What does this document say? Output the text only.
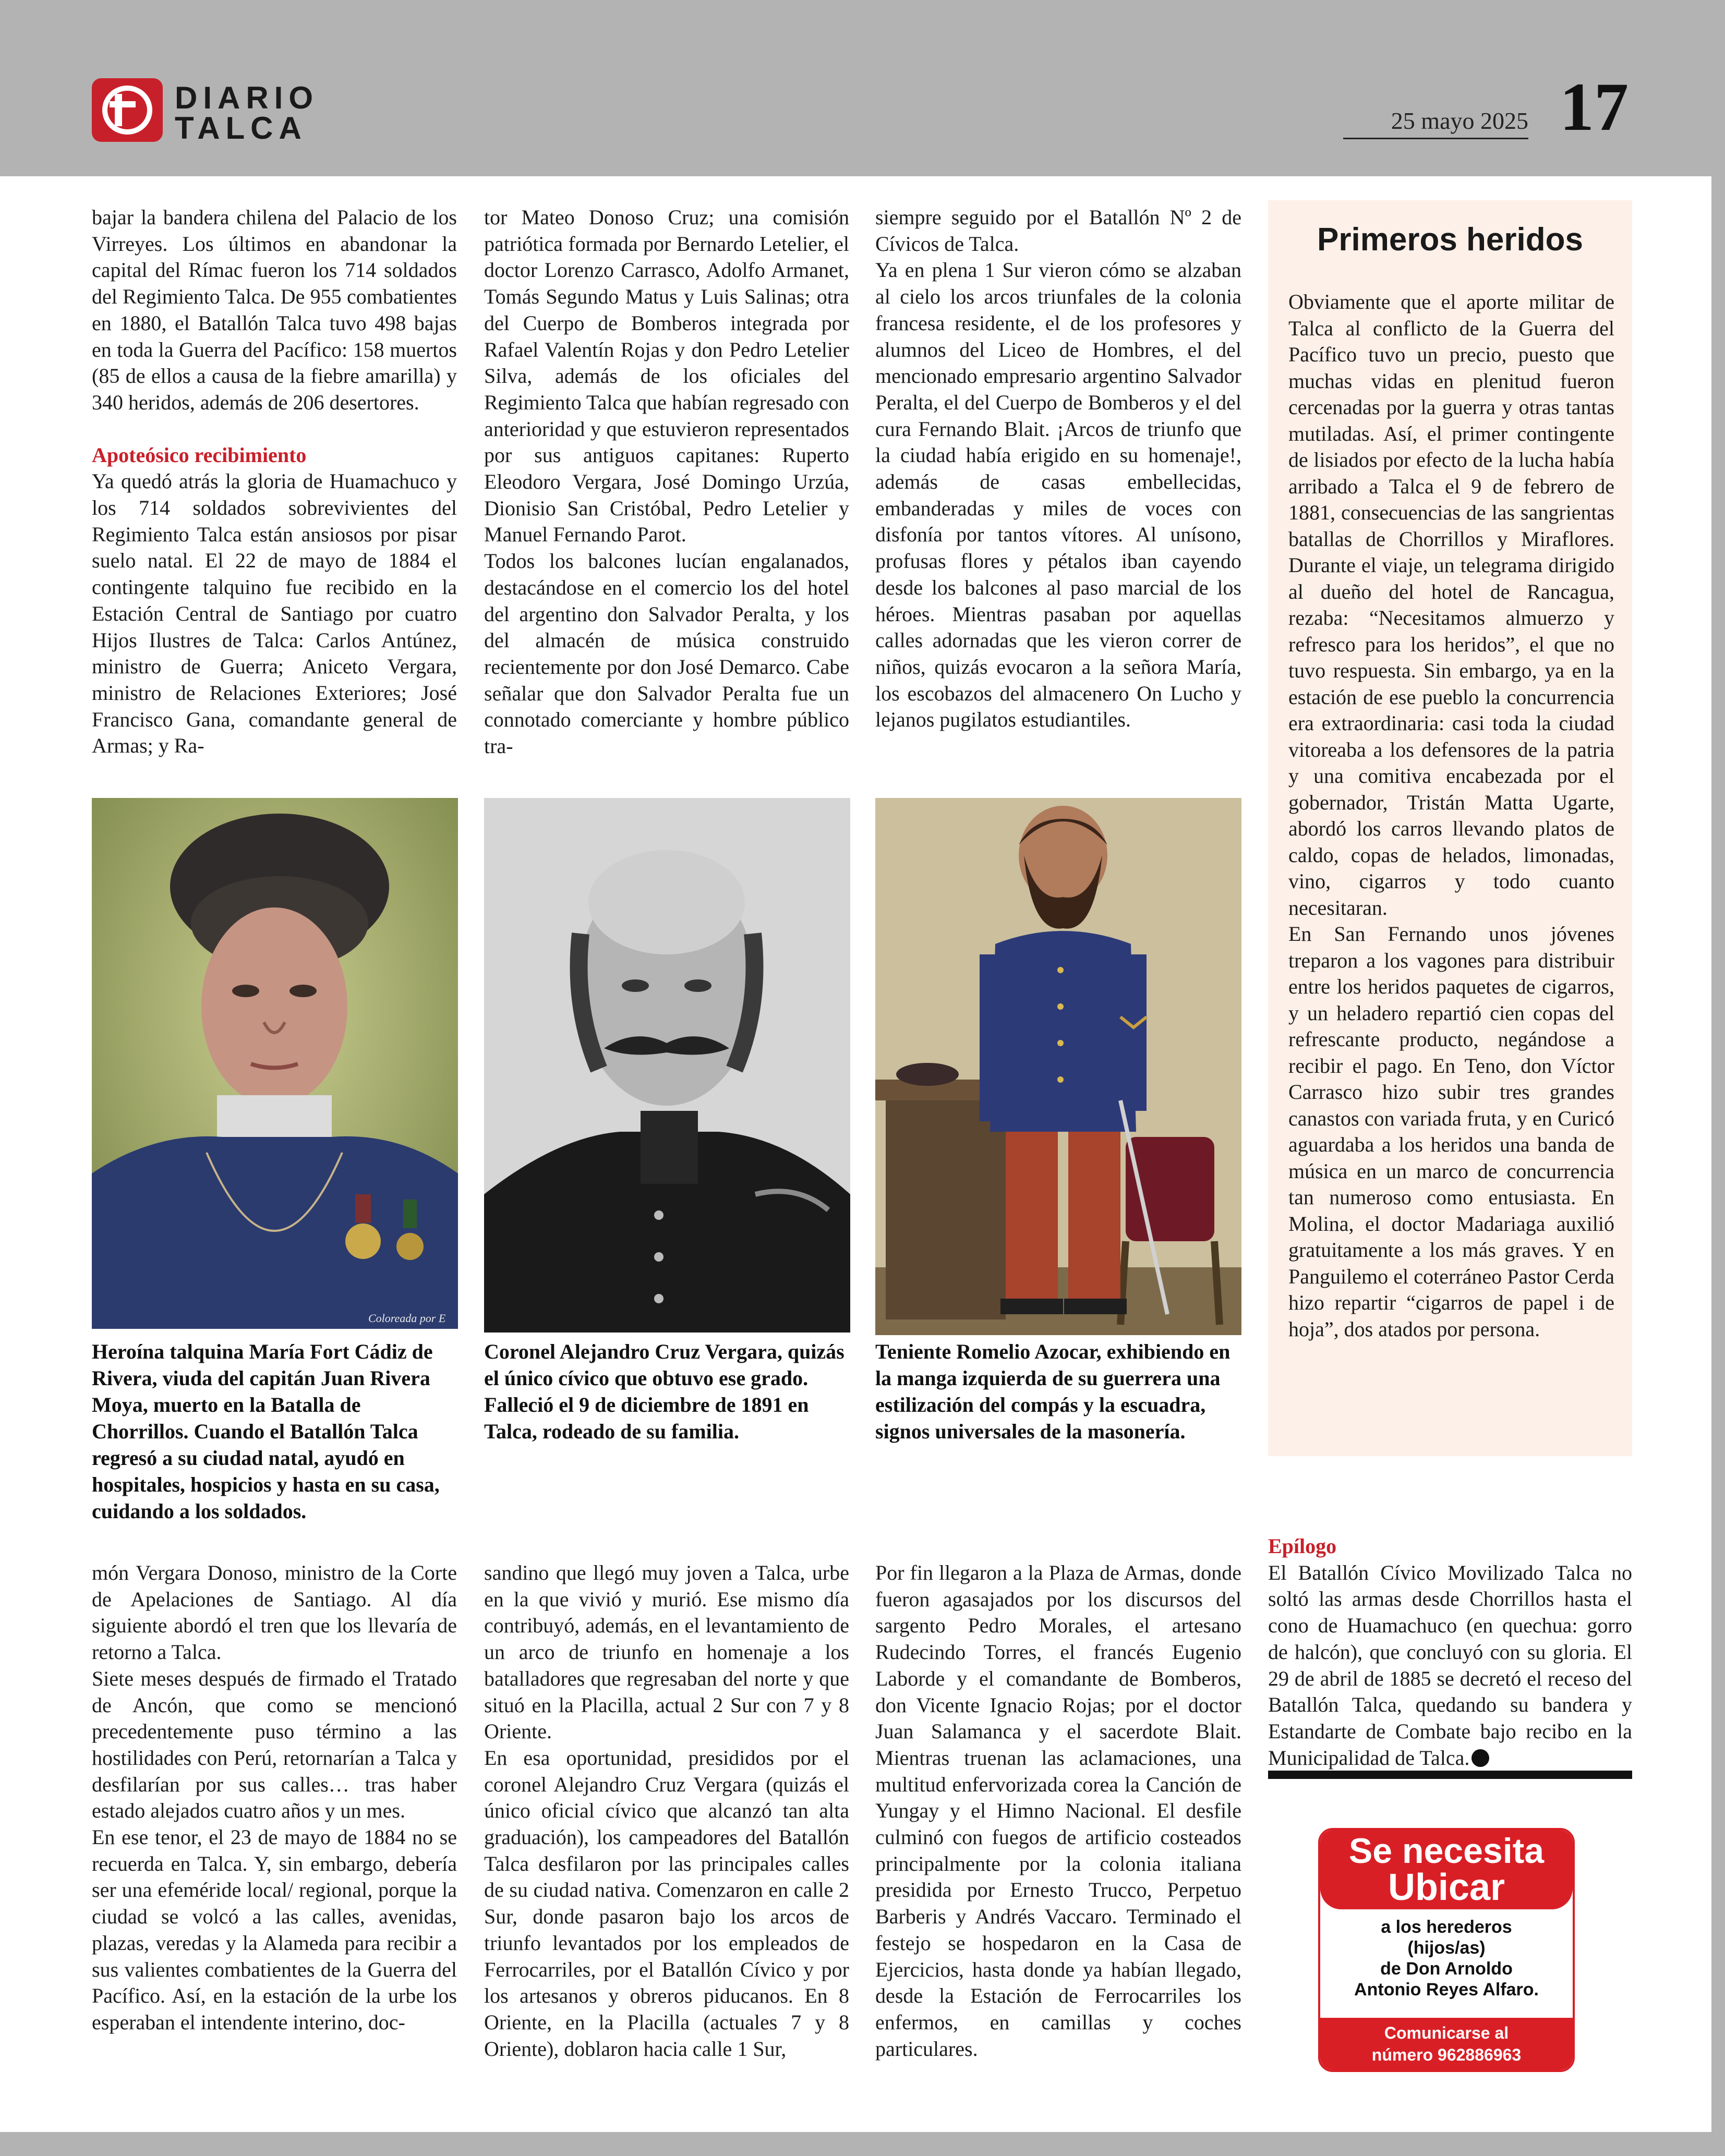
DIARIO
TALCA	25 mayo 2025 17

bajar la bandera chilena del Palacio de los Virreyes. Los últimos en abandonar la capital del Rímac fueron los 714 soldados del Regimiento Talca. De 955 combatientes en 1880, el Batallón Talca tuvo 498 bajas en toda la Guerra del Pacífico: 158 muertos (85 de ellos a causa de la fiebre amarilla) y 340 heridos, además de 206 desertores.

Apoteósico recibimiento

Ya quedó atrás la gloria de Huamachuco y los 714 soldados sobrevivientes del Regimiento Talca están ansiosos por pisar suelo natal. El 22 de mayo de 1884 el contingente talquino fue recibido en la Estación Central de Santiago por cuatro Hijos Ilustres de Talca: Carlos Antúnez, ministro de Guerra; Aniceto Vergara, ministro de Relaciones Exteriores; José Francisco Gana, comandante general de Armas; y Ra-

tor Mateo Donoso Cruz; una comisión patriótica formada por Bernardo Letelier, el doctor Lorenzo Carrasco, Adolfo Armanet, Tomás Segundo Matus y Luis Salinas; otra del Cuerpo de Bomberos integrada por Rafael Valentín Rojas y don Pedro Letelier Silva, además de los oficiales del Regimiento Talca que habían regresado con anterioridad y que estuvieron representados por sus antiguos capitanes: Ruperto Eleodoro Vergara, José Domingo Urzúa, Dionisio San Cristóbal, Pedro Letelier y Manuel Fernando Parot.

Todos los balcones lucían engalanados, destacándose en el comercio los del hotel del argentino don Salvador Peralta, y los del almacén de música construido recientemente por don José Demarco. Cabe señalar que don Salvador Peralta fue un connotado comerciante y hombre público tra-

siempre seguido por el Batallón Nº 2 de Cívicos de Talca.

Ya en plena 1 Sur vieron cómo se alzaban al cielo los arcos triunfales de la colonia francesa residente, el de los profesores y alumnos del Liceo de Hombres, el del mencionado empresario argentino Salvador Peralta, el del Cuerpo de Bomberos y el del cura Fernando Blait. ¡Arcos de triunfo que la ciudad había erigido en su homenaje!, además de casas embellecidas, embanderadas y miles de voces con disfonía por tantos vítores. Al unísono, profusas flores y pétalos iban cayendo desde los balcones al paso marcial de los héroes. Mientras pasaban por aquellas calles adornadas que les vieron correr de niños, quizás evocaron a la señora María, los escobazos del almacenero On Lucho y lejanos pugilatos estudiantiles.

Coloreada por E
Heroína talquina María Fort Cádiz de Rivera, viuda del capitán Juan Rivera Moya, muerto en la Batalla de Chorrillos. Cuando el Batallón Talca regresó a su ciudad natal, ayudó en hospitales, hospicios y hasta en su casa, cuidando a los soldados.
Coronel Alejandro Cruz Vergara, quizás el único cívico que obtuvo ese grado. Falleció el 9 de diciembre de 1891 en Talca, rodeado de su familia.
Teniente Romelio Azocar, exhibiendo en la manga izquierda de su guerrera una estilización del compás y la escuadra, signos universales de la masonería.
Primeros heridos

Obviamente que el aporte militar de Talca al conflicto de la Guerra del Pacífico tuvo un precio, puesto que muchas vidas en plenitud fueron cercenadas por la guerra y otras tantas mutiladas. Así, el primer contingente de lisiados por efecto de la lucha había arribado a Talca el 9 de febrero de 1881, consecuencias de las sangrientas batallas de Chorrillos y Miraflores. Durante el viaje, un telegrama dirigido al dueño del hotel de Rancagua, rezaba: “Necesitamos almuerzo y refresco para los heridos”, el que no tuvo respuesta. Sin embargo, ya en la estación de ese pueblo la concurrencia era extraordinaria: casi toda la ciudad vitoreaba a los defensores de la patria y una comitiva encabezada por el gobernador, Tristán Matta Ugarte, abordó los carros llevando platos de caldo, copas de helados, limonadas, vino, cigarros y todo cuanto necesitaran.

En San Fernando unos jóvenes treparon a los vagones para distribuir entre los heridos paquetes de cigarros, y un heladero repartió cien copas del refrescante producto, negándose a recibir el pago. En Teno, don Víctor Carrasco hizo subir tres grandes canastos con variada fruta, y en Curicó aguardaba a los heridos una banda de música en un marco de concurrencia tan numeroso como entusiasta. En Molina, el doctor Madariaga auxilió gratuitamente a los más graves. Y en Panguilemo el coterráneo Pastor Cerda hizo repartir “cigarros de papel i de hoja”, dos atados por persona.

món Vergara Donoso, ministro de la Corte de Apelaciones de Santiago. Al día siguiente abordó el tren que los llevaría de retorno a Talca.

Siete meses después de firmado el Tratado de Ancón, que como se mencionó precedentemente puso término a las hostilidades con Perú, retornarían a Talca y desfilarían por sus calles… tras haber estado alejados cuatro años y un mes.

En ese tenor, el 23 de mayo de 1884 no se recuerda en Talca. Y, sin embargo, debería ser una efeméride local/ regional, porque la ciudad se volcó a las calles, avenidas, plazas, veredas y la Alameda para recibir a sus valientes combatientes de la Guerra del Pacífico. Así, en la estación de la urbe los esperaban el intendente interino, doc-

sandino que llegó muy joven a Talca, urbe en la que vivió y murió. Ese mismo día contribuyó, además, en el levantamiento de un arco de triunfo en homenaje a los batalladores que regresaban del norte y que situó en la Placilla, actual 2 Sur con 7 y 8 Oriente.

En esa oportunidad, presididos por el coronel Alejandro Cruz Vergara (quizás el único oficial cívico que alcanzó tan alta graduación), los campeadores del Batallón Talca desfilaron por las principales calles de su ciudad nativa. Comenzaron en calle 2 Sur, donde pasaron bajo los arcos de triunfo levantados por los empleados de Ferrocarriles, por el Batallón Cívico y por los artesanos y obreros piducanos. En 8 Oriente, en la Placilla (actuales 7 y 8 Oriente), doblaron hacia calle 1 Sur,

Por fin llegaron a la Plaza de Armas, donde fueron agasajados por los discursos del sargento Pedro Morales, el artesano Rudecindo Torres, el francés Eugenio Laborde y el comandante de Bomberos, don Vicente Ignacio Rojas; por el doctor Juan Salamanca y el sacerdote Blait. Mientras truenan las aclamaciones, una multitud enfervorizada corea la Canción de Yungay y el Himno Nacional. El desfile culminó con fuegos de artificio costeados principalmente por la colonia italiana presidida por Ernesto Trucco, Perpetuo Barberis y Andrés Vaccaro. Terminado el festejo se hospedaron en la Casa de Ejercicios, hasta donde ya habían llegado, desde la Estación de Ferrocarriles los enfermos, en camillas y coches particulares.

Epílogo

El Batallón Cívico Movilizado Talca no soltó las armas desde Chorrillos hasta el cono de Huamachuco (en quechua: gorro de halcón), que concluyó con su gloria. El 29 de abril de 1885 se decretó el receso del Batallón Talca, quedando su bandera y Estandarte de Combate bajo recibo en la Municipalidad de Talca.

Se necesita
Ubicar
a los herederos
(hijos/as)
de Don Arnoldo
Antonio Reyes Alfaro.
Comunicarse al
número 962886963
